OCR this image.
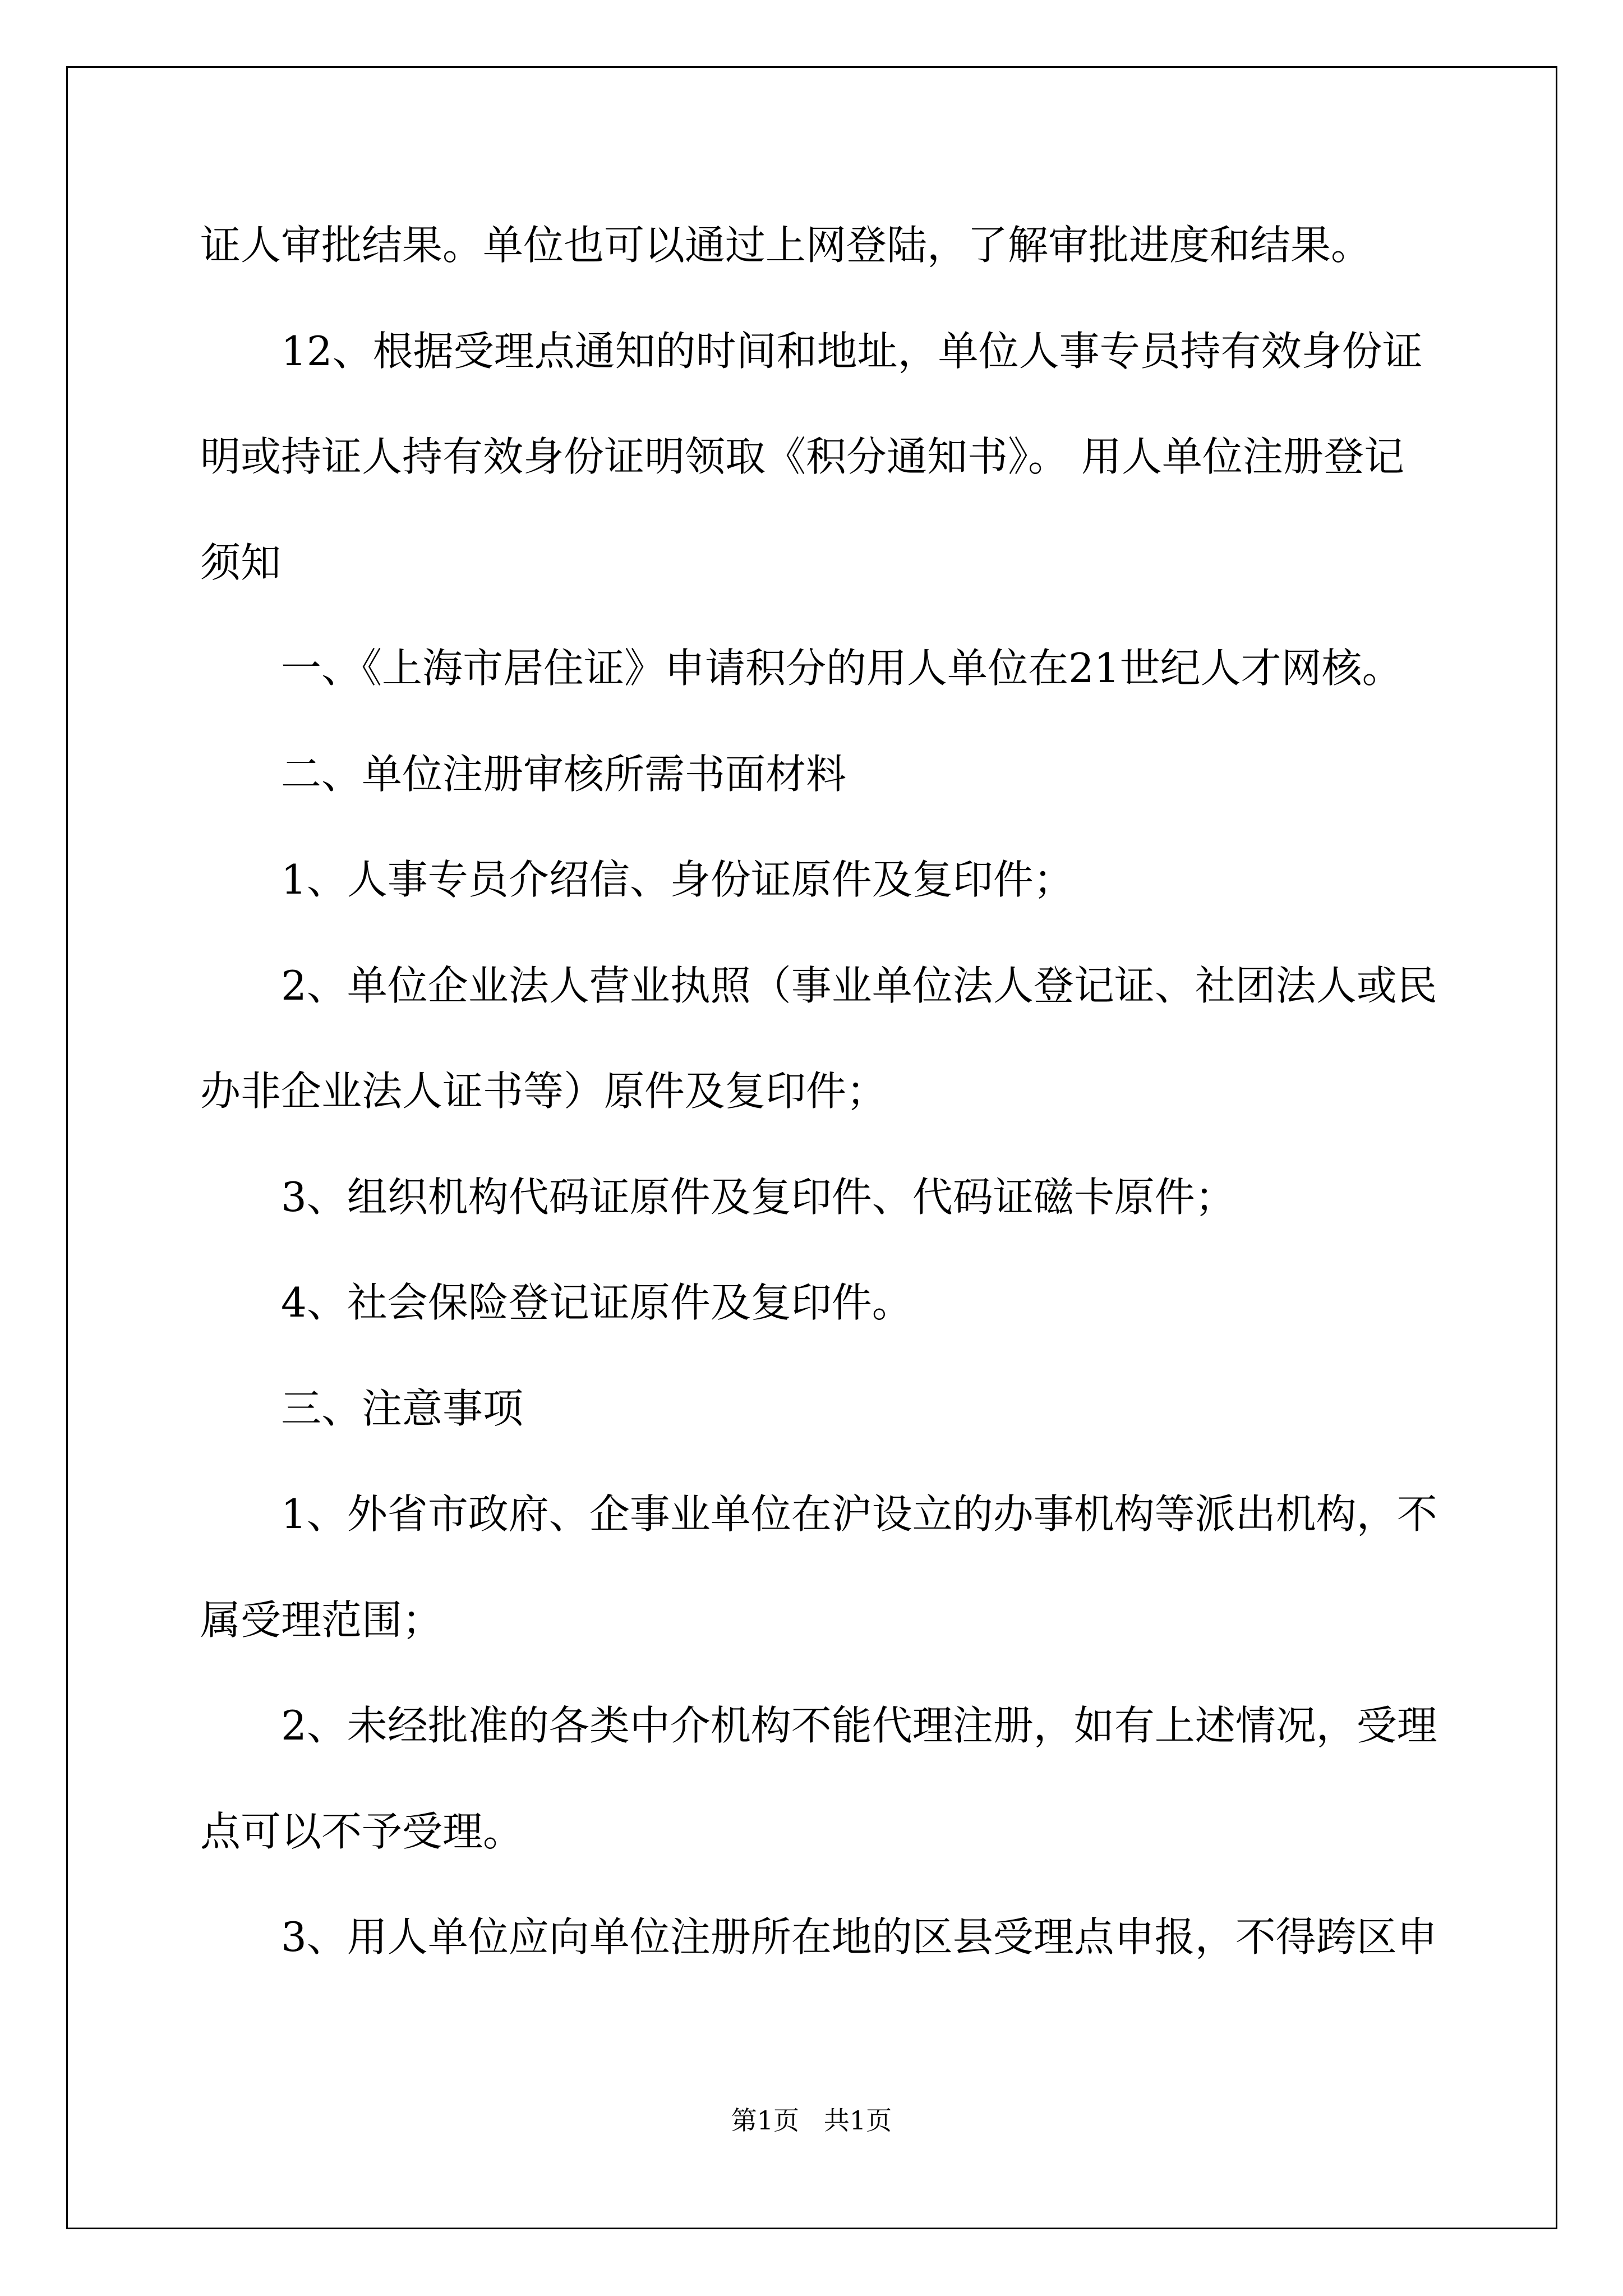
证人审批结果。单位也可以通过上网登陆，了解审批进度和结果。
12、根据受理点通知的时间和地址，单位人事专员持有效身份证
明或持证人持有效身份证明领取《积分通知书》。 用人单位注册登记
须知
一、《上海市居住证》申请积分的用人单位在21世纪人才网核。
二、单位注册审核所需书面材料
1、人事专员介绍信、身份证原件及复印件；
2、单位企业法人营业执照（事业单位法人登记证、社团法人或民
办非企业法人证书等）原件及复印件；
3、组织机构代码证原件及复印件、代码证磁卡原件；
4、社会保险登记证原件及复印件。
三、注意事项
1、外省市政府、企事业单位在沪设立的办事机构等派出机构，不
属受理范围；
2、未经批准的各类中介机构不能代理注册，如有上述情况，受理
点可以不予受理。
3、用人单位应向单位注册所在地的区县受理点申报，不得跨区申
第1页   共1页
